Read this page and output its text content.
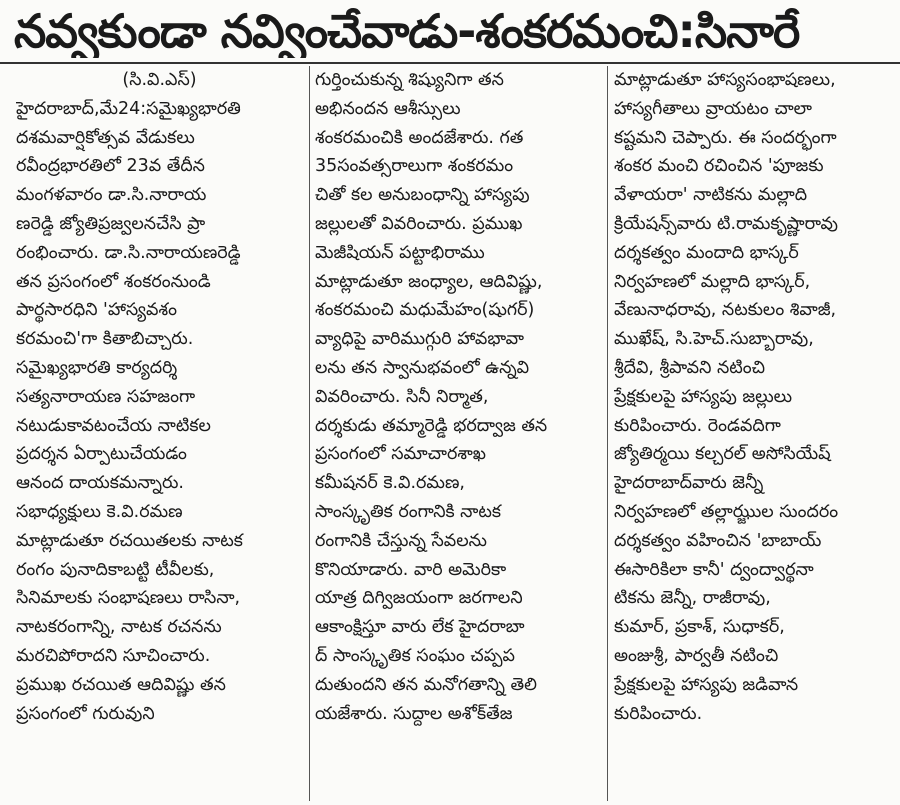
నవ్వకుండా నవ్వించేవాడు-శంకరమంచి:సినారే
(సి.వి.ఎస్)
హైదరాబాద్,మే24:సమైఖ్యభారతి
దశమవార్షికోత్సవ వేడుకలు
రవీంద్రభారతిలో 23వ తేదీన
మంగళవారం డా.సి.నారాయ
ణరెడ్డి జ్యోతిప్రజ్వలనచేసి ప్రా
రంభించారు. డా.సి.నారాయణరెడ్డి
తన ప్రసంగంలో శంకరంనుండి
పార్థసారధిని 'హాస్యవశం
కరమంచి'గా కితాబిచ్చారు.
సమైఖ్యభారతి కార్యదర్శి
సత్యనారాయణ సహజంగా
నటుడుకావటంచేయ నాటికల
ప్రదర్శన ఏర్పాటుచేయడం
ఆనంద దాయకమన్నారు.
సభాధ్యక్షులు కె.వి.రమణ
మాట్లాడుతూ రచయితలకు నాటక
రంగం పునాదికాబట్టి టీవీలకు,
సినిమాలకు సంభాషణలు రాసినా,
నాటకరంగాన్ని, నాటక రచనను
మరచిపోరాదని సూచించారు.
ప్రముఖ రచయిత ఆదివిష్ణు తన
ప్రసంగంలో గురువుని
గుర్తించుకున్న శిష్యునిగా తన
అభినందన ఆశీస్సులు
శంకరమంచికి అందజేశారు. గత
35సంవత్సరాలుగా శంకరమం
చితో కల అనుబంధాన్ని హాస్యపు
జల్లులతో వివరించారు. ప్రముఖ
మెజీషియన్ పట్టాభిరాము
మాట్లాడుతూ జంధ్యాల, ఆదివిష్ణు,
శంకరమంచి మధుమేహం(షుగర్)
వ్యాధిపై వారిముగ్గురి హావభావా
లను తన స్వానుభవంలో ఉన్నవి
వివరించారు. సినీ నిర్మాత,
దర్శకుడు తమ్మారెడ్డి భరద్వాజ తన
ప్రసంగంలో సమాచారశాఖ
కమీషనర్ కె.వి.రమణ,
సాంస్కృతిక రంగానికి నాటక
రంగానికి చేస్తున్న సేవలను
కొనియాడారు. వారి అమెరికా
యాత్ర దిగ్విజయంగా జరగాలని
ఆకాంక్షిస్తూ వారు లేక హైదరాబా
ద్ సాంస్కృతిక సంఘం చప్పప
దుతుందని తన మనోగతాన్ని తెలి
యజేశారు. సుద్దాల అశోక్‌తేజ
మాట్లాడుతూ హాస్యసంభాషణలు,
హాస్యగీతాలు వ్రాయటం చాలా
కష్టమని చెప్పారు. ఈ సందర్భంగా
శంకర మంచి రచించిన 'పూజకు
వేళాయరా' నాటికను మల్లాది
క్రియేషన్స్‌వారు టి.రామకృష్ణారావు
దర్శకత్వం మందాది భాస్కర్
నిర్వహణలో మల్లాది భాస్కర్,
వేణునాధరావు, నటకులం శివాజీ,
ముఖేష్, సి.హెచ్.సుబ్బారావు,
శ్రీదేవి, శ్రీపావని నటించి
ప్రేక్షకులపై హాస్యపు జల్లులు
కురిపించారు. రెండవదిగా
జ్యోతిర్మయి కల్చరల్ అసోసియేష్
హైదరాబాద్‌వారు జెన్నీ
నిర్వహణలో తల్లాఝ్జుల సుందరం
దర్శకత్వం వహించిన 'బాబాయ్
ఈసారికిలా కానీ' ద్వంద్వార్థనా
టికను జెన్నీ, రాజీరావు,
కుమార్, ప్రకాశ్, సుధాకర్,
అంజుశ్రీ, పార్వతీ నటించి
ప్రేక్షకులపై హాస్యపు జడివాన
కురిపించారు.
